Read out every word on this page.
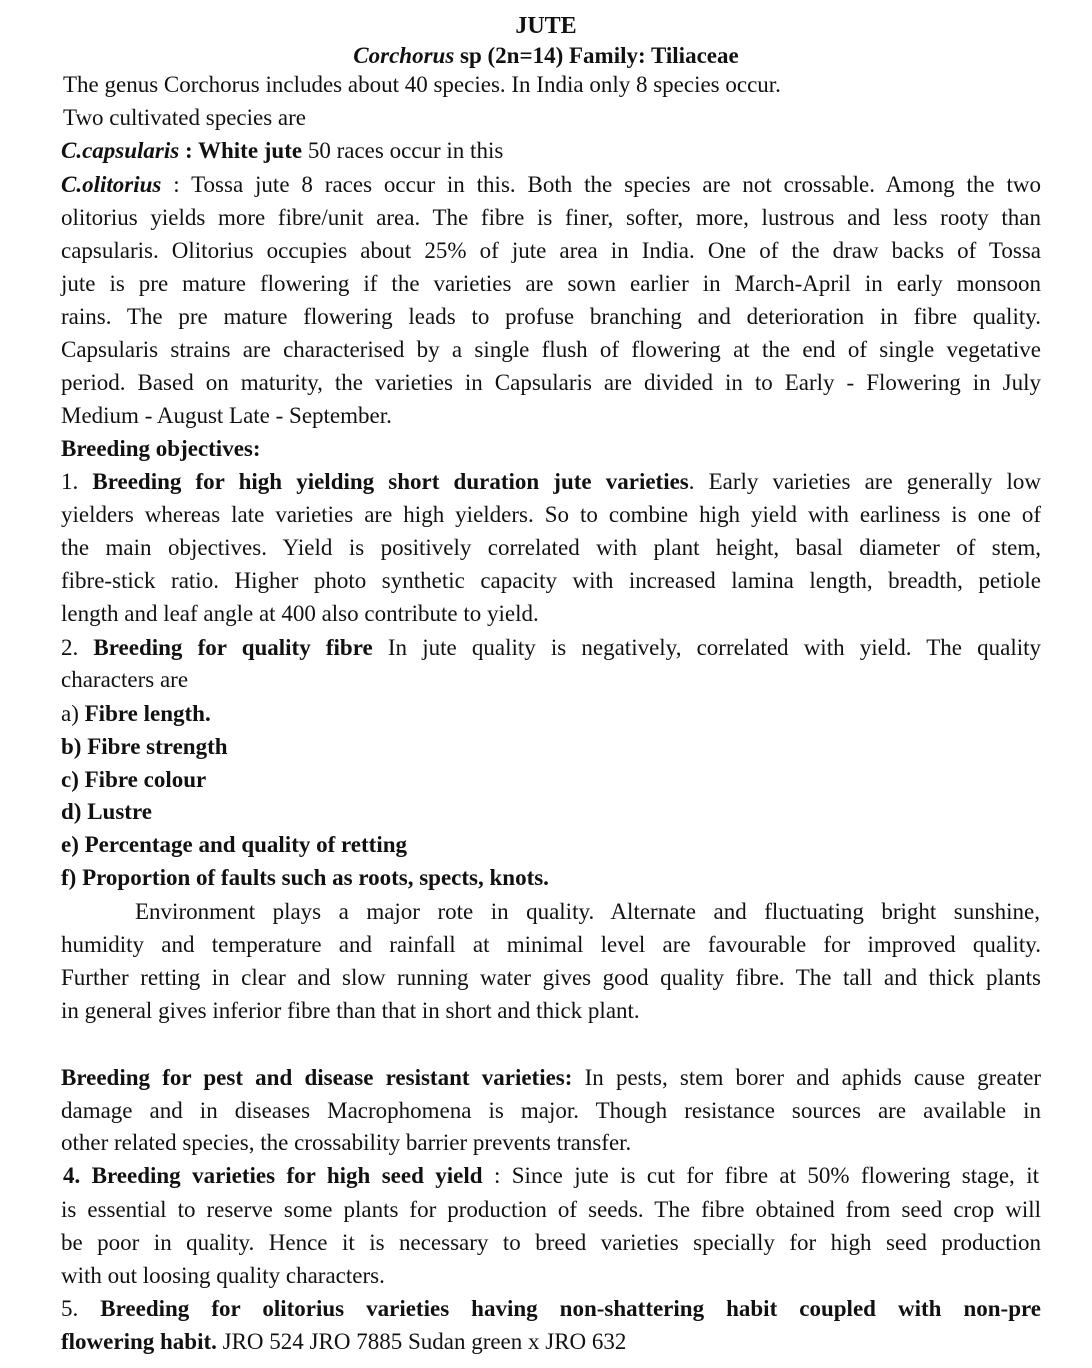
JUTE
Corchorus sp (2n=14) Family: Tiliaceae
The genus Corchorus includes about 40 species. In India only 8 species occur.
Two cultivated species are
C.capsularis : White jute 50 races occur in this
C.olitorius : Tossa jute 8 races occur in this. Both the species are not crossable. Among the two
olitorius yields more fibre/unit area. The fibre is finer, softer, more, lustrous and less rooty than
capsularis. Olitorius occupies about 25% of jute area in India. One of the draw backs of Tossa
jute is pre mature flowering if the varieties are sown earlier in March-April in early monsoon
rains. The pre mature flowering leads to profuse branching and deterioration in fibre quality.
Capsularis strains are characterised by a single flush of flowering at the end of single vegetative
period. Based on maturity, the varieties in Capsularis are divided in to Early - Flowering in July
Medium - August Late - September.
Breeding objectives:
1. Breeding for high yielding short duration jute varieties. Early varieties are generally low
yielders whereas late varieties are high yielders. So to combine high yield with earliness is one of
the main objectives. Yield is positively correlated with plant height, basal diameter of stem,
fibre-stick ratio. Higher photo synthetic capacity with increased lamina length, breadth, petiole
length and leaf angle at 400 also contribute to yield.
2. Breeding for quality fibre In jute quality is negatively, correlated with yield. The quality
characters are
a) Fibre length.
b) Fibre strength
c) Fibre colour
d) Lustre
e) Percentage and quality of retting
f) Proportion of faults such as roots, spects, knots.
Environment plays a major rote in quality. Alternate and fluctuating bright sunshine,
humidity and temperature and rainfall at minimal level are favourable for improved quality.
Further retting in clear and slow running water gives good quality fibre. The tall and thick plants
in general gives inferior fibre than that in short and thick plant.
Breeding for pest and disease resistant varieties: In pests, stem borer and aphids cause greater
damage and in diseases Macrophomena is major. Though resistance sources are available in
other related species, the crossability barrier prevents transfer.
4. Breeding varieties for high seed yield : Since jute is cut for fibre at 50% flowering stage, it
is essential to reserve some plants for production of seeds. The fibre obtained from seed crop will
be poor in quality. Hence it is necessary to breed varieties specially for high seed production
with out loosing quality characters.
5. Breeding for olitorius varieties having non-shattering habit coupled with non-pre
flowering habit. JRO 524 JRO 7885 Sudan green x JRO 632
